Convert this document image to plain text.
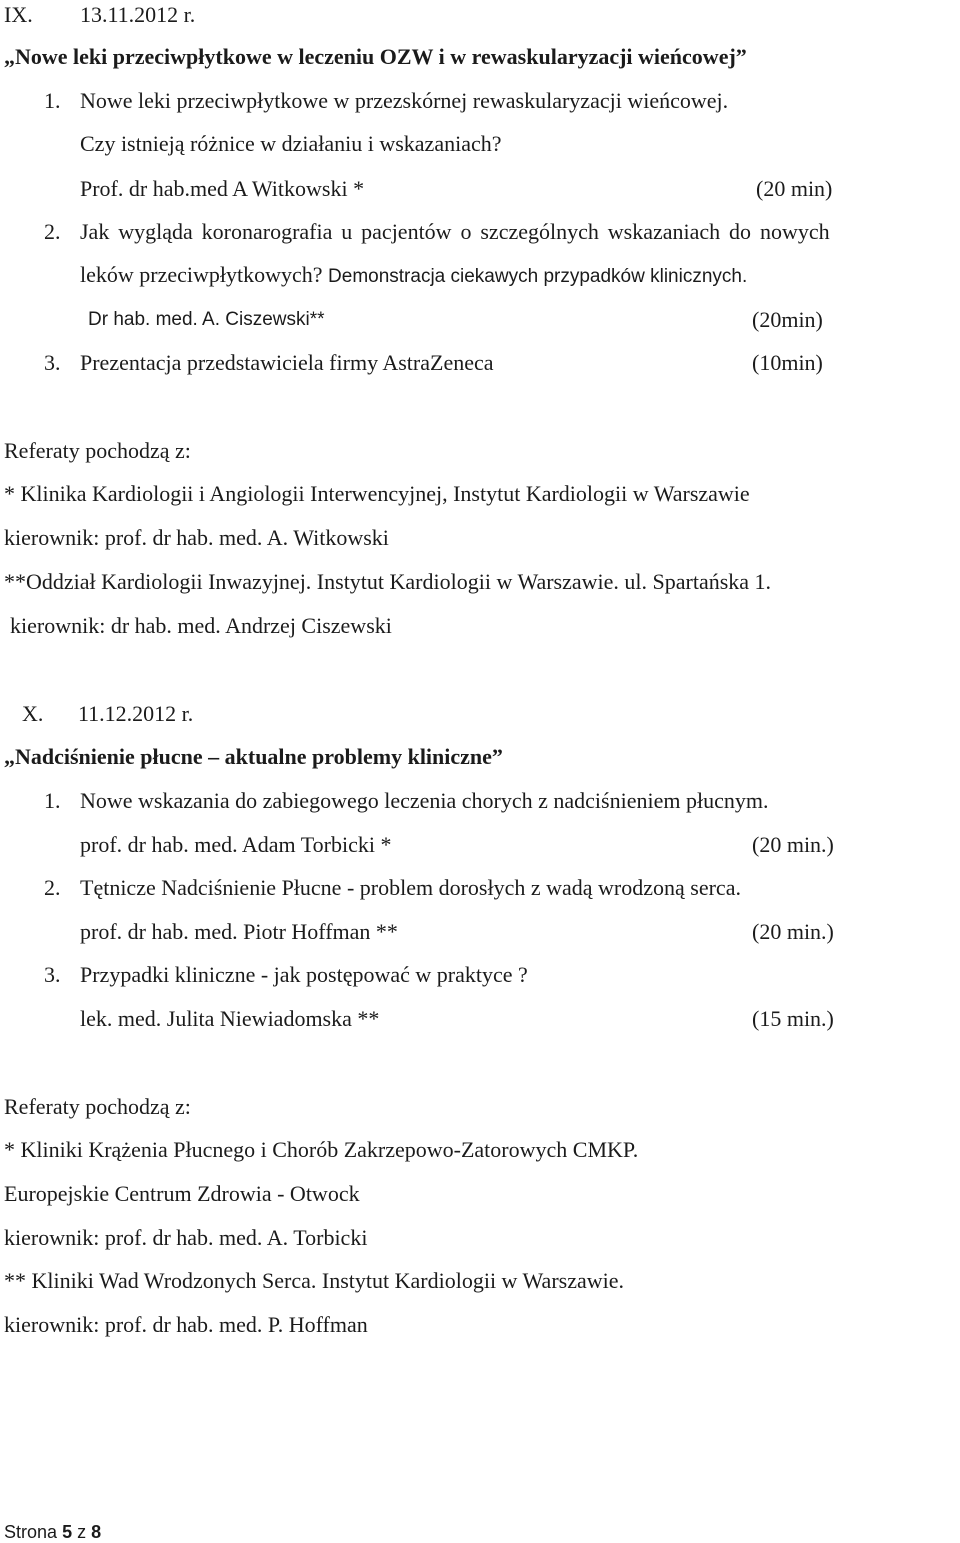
IX. 13.11.2012 r.
„Nowe leki przeciwpłytkowe w leczeniu OZW i w rewaskularyzacji wieńcowej”
1. Nowe leki przeciwpłytkowe w przezskórnej rewaskularyzacji wieńcowej.
Czy istnieją różnice w działaniu i wskazaniach?
Prof. dr hab.med A Witkowski *	(20 min)
2. Jak wygląda koronarografia u pacjentów o szczególnych wskazaniach do nowych
leków przeciwpłytkowych? Demonstracja ciekawych przypadków klinicznych.
Dr hab. med. A. Ciszewski**	(20min)
3. Prezentacja przedstawiciela firmy AstraZeneca	(10min)
Referaty pochodzą z:
* Klinika Kardiologii i Angiologii Interwencyjnej, Instytut Kardiologii w Warszawie
kierownik: prof. dr hab. med. A. Witkowski
**Oddział Kardiologii Inwazyjnej. Instytut Kardiologii w Warszawie. ul. Spartańska 1.
kierownik: dr hab. med. Andrzej Ciszewski
X. 11.12.2012 r.
„Nadciśnienie płucne – aktualne problemy kliniczne”
1. Nowe wskazania do zabiegowego leczenia chorych z nadciśnieniem płucnym.
prof. dr hab. med. Adam Torbicki *	(20 min.)
2. Tętnicze Nadciśnienie Płucne - problem dorosłych z wadą wrodzoną serca.
prof. dr hab. med. Piotr Hoffman **	(20 min.)
3. Przypadki kliniczne - jak postępować w praktyce ?
lek. med. Julita Niewiadomska **	(15 min.)
Referaty pochodzą z:
* Kliniki Krążenia Płucnego i Chorób Zakrzepowo-Zatorowych CMKP.
Europejskie Centrum Zdrowia - Otwock
kierownik: prof. dr hab. med. A. Torbicki
** Kliniki Wad Wrodzonych Serca. Instytut Kardiologii w Warszawie.
kierownik: prof. dr hab. med. P. Hoffman
Strona 5 z 8
